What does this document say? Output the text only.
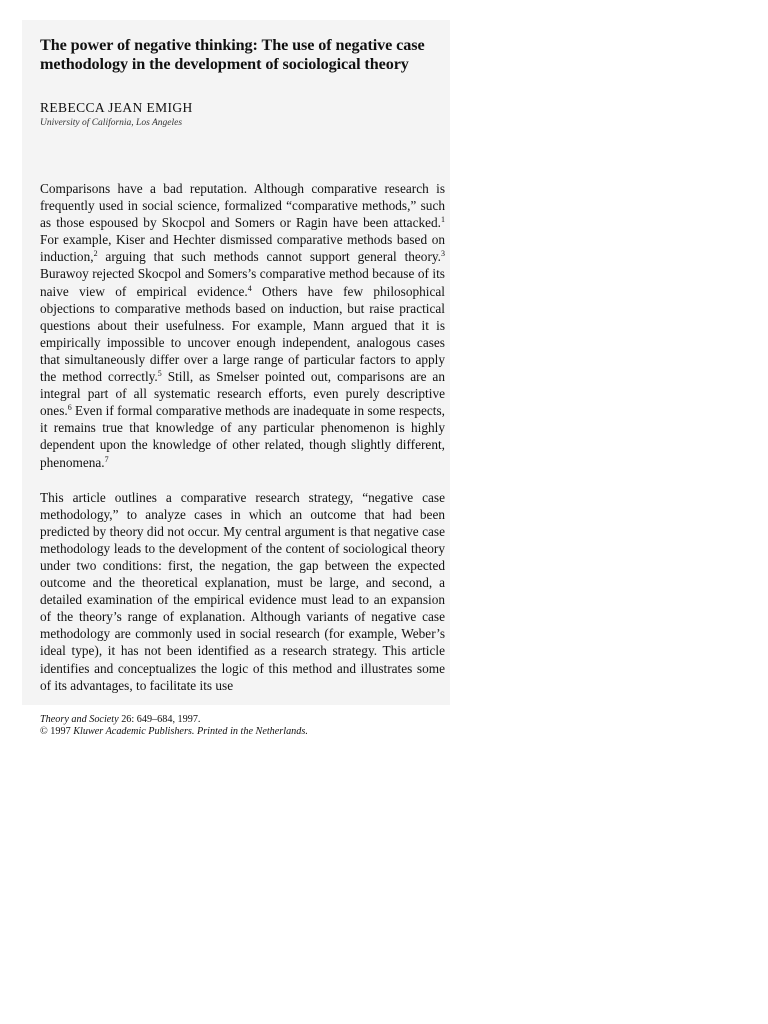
The power of negative thinking: The use of negative case methodology in the development of sociological theory
REBECCA JEAN EMIGH
University of California, Los Angeles

Comparisons have a bad reputation. Although comparative research is frequently used in social science, formalized “comparative methods,” such as those espoused by Skocpol and Somers or Ragin have been attacked.$^1$ For example, Kiser and Hechter dismissed comparative methods based on induction,$^2$ arguing that such methods cannot support general theory.$^3$ Burawoy rejected Skocpol and Somers’s comparative method because of its naive view of empirical evidence.$^4$ Others have few philosophical objections to comparative methods based on induction, but raise practical questions about their usefulness. For example, Mann argued that it is empirically impossible to uncover enough independent, analogous cases that simultaneously differ over a large range of particular factors to apply the method correctly.$^5$ Still, as Smelser pointed out, comparisons are an integral part of all systematic research efforts, even purely descriptive ones.$^6$ Even if formal comparative methods are inadequate in some respects, it remains true that knowledge of any particular phenomenon is highly dependent upon the knowledge of other related, though slightly different, phenomena.$^7$

This article outlines a comparative research strategy, “negative case methodology,” to analyze cases in which an outcome that had been predicted by theory did not occur. My central argument is that negative case methodology leads to the development of the content of sociological theory under two conditions: first, the negation, the gap between the expected outcome and the theoretical explanation, must be large, and second, a detailed examination of the empirical evidence must lead to an expansion of the theory’s range of explanation. Although variants of negative case methodology are commonly used in social research (for example, Weber’s ideal type), it has not been identified as a research strategy. This article identifies and conceptualizes the logic of this method and illustrates some of its advantages, to facilitate its use

Theory and Society 26: 649–684, 1997.
© 1997 Kluwer Academic Publishers. Printed in the Netherlands.
